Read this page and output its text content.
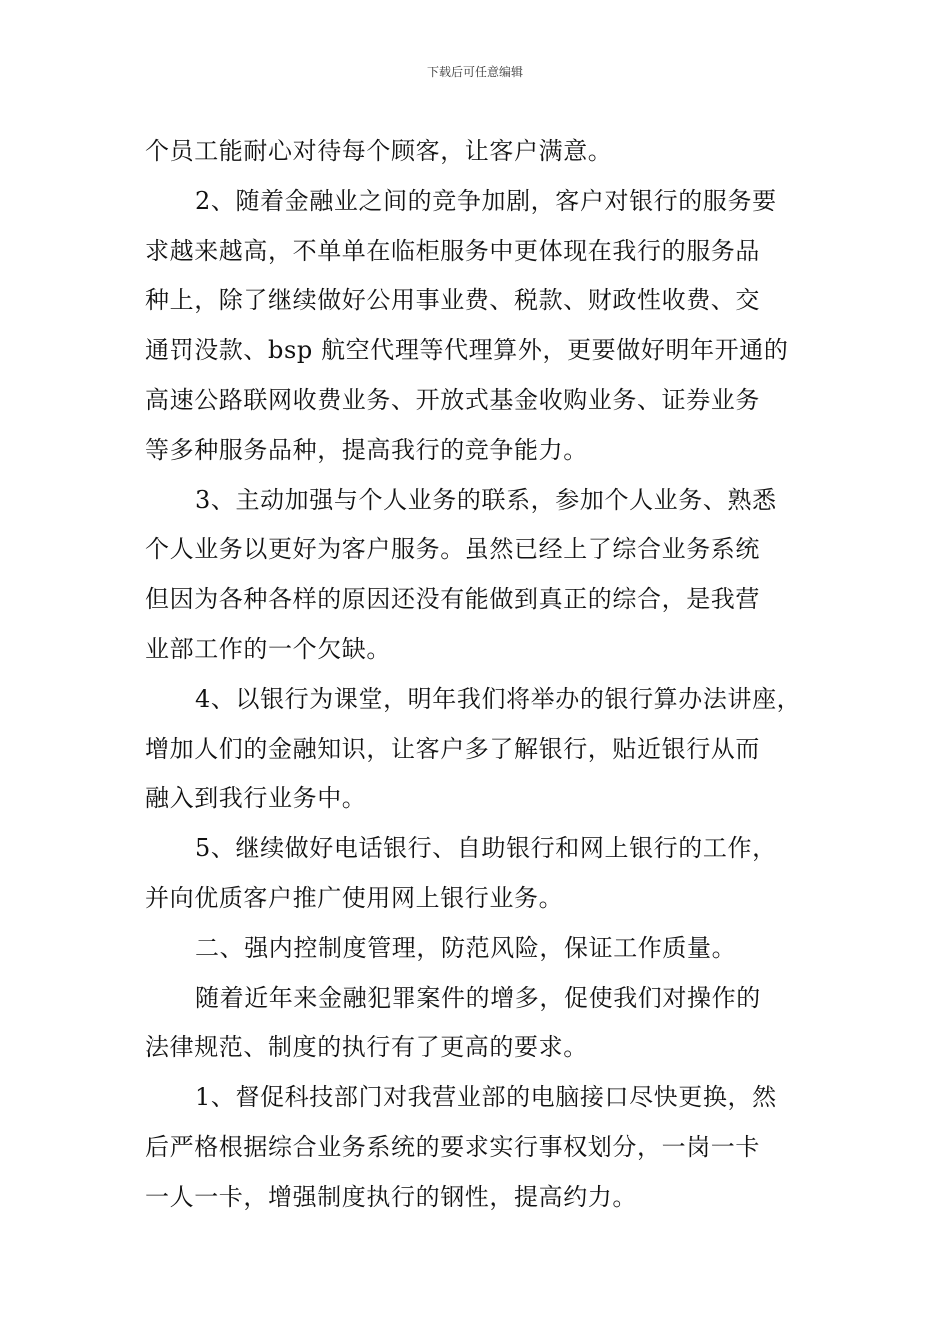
下载后可任意编辑

个员工能耐心对待每个顾客，让客户满意。

2、随着金融业之间的竞争加剧，客户对银行的服务要

求越来越高，不单单在临柜服务中更体现在我行的服务品

种上，除了继续做好公用事业费、税款、财政性收费、交

通罚没款、bsp 航空代理等代理算外，更要做好明年开通的

高速公路联网收费业务、开放式基金收购业务、证券业务

等多种服务品种，提高我行的竞争能力。

3、主动加强与个人业务的联系，参加个人业务、熟悉

个人业务以更好为客户服务。虽然已经上了综合业务系统

但因为各种各样的原因还没有能做到真正的综合，是我营

业部工作的一个欠缺。

4、以银行为课堂，明年我们将举办的银行算办法讲座，

增加人们的金融知识，让客户多了解银行，贴近银行从而

融入到我行业务中。

5、继续做好电话银行、自助银行和网上银行的工作，

并向优质客户推广使用网上银行业务。

二、强内控制度管理，防范风险，保证工作质量。

随着近年来金融犯罪案件的增多，促使我们对操作的

法律规范、制度的执行有了更高的要求。

1、督促科技部门对我营业部的电脑接口尽快更换，然

后严格根据综合业务系统的要求实行事权划分，一岗一卡

一人一卡，增强制度执行的钢性，提高约力。
